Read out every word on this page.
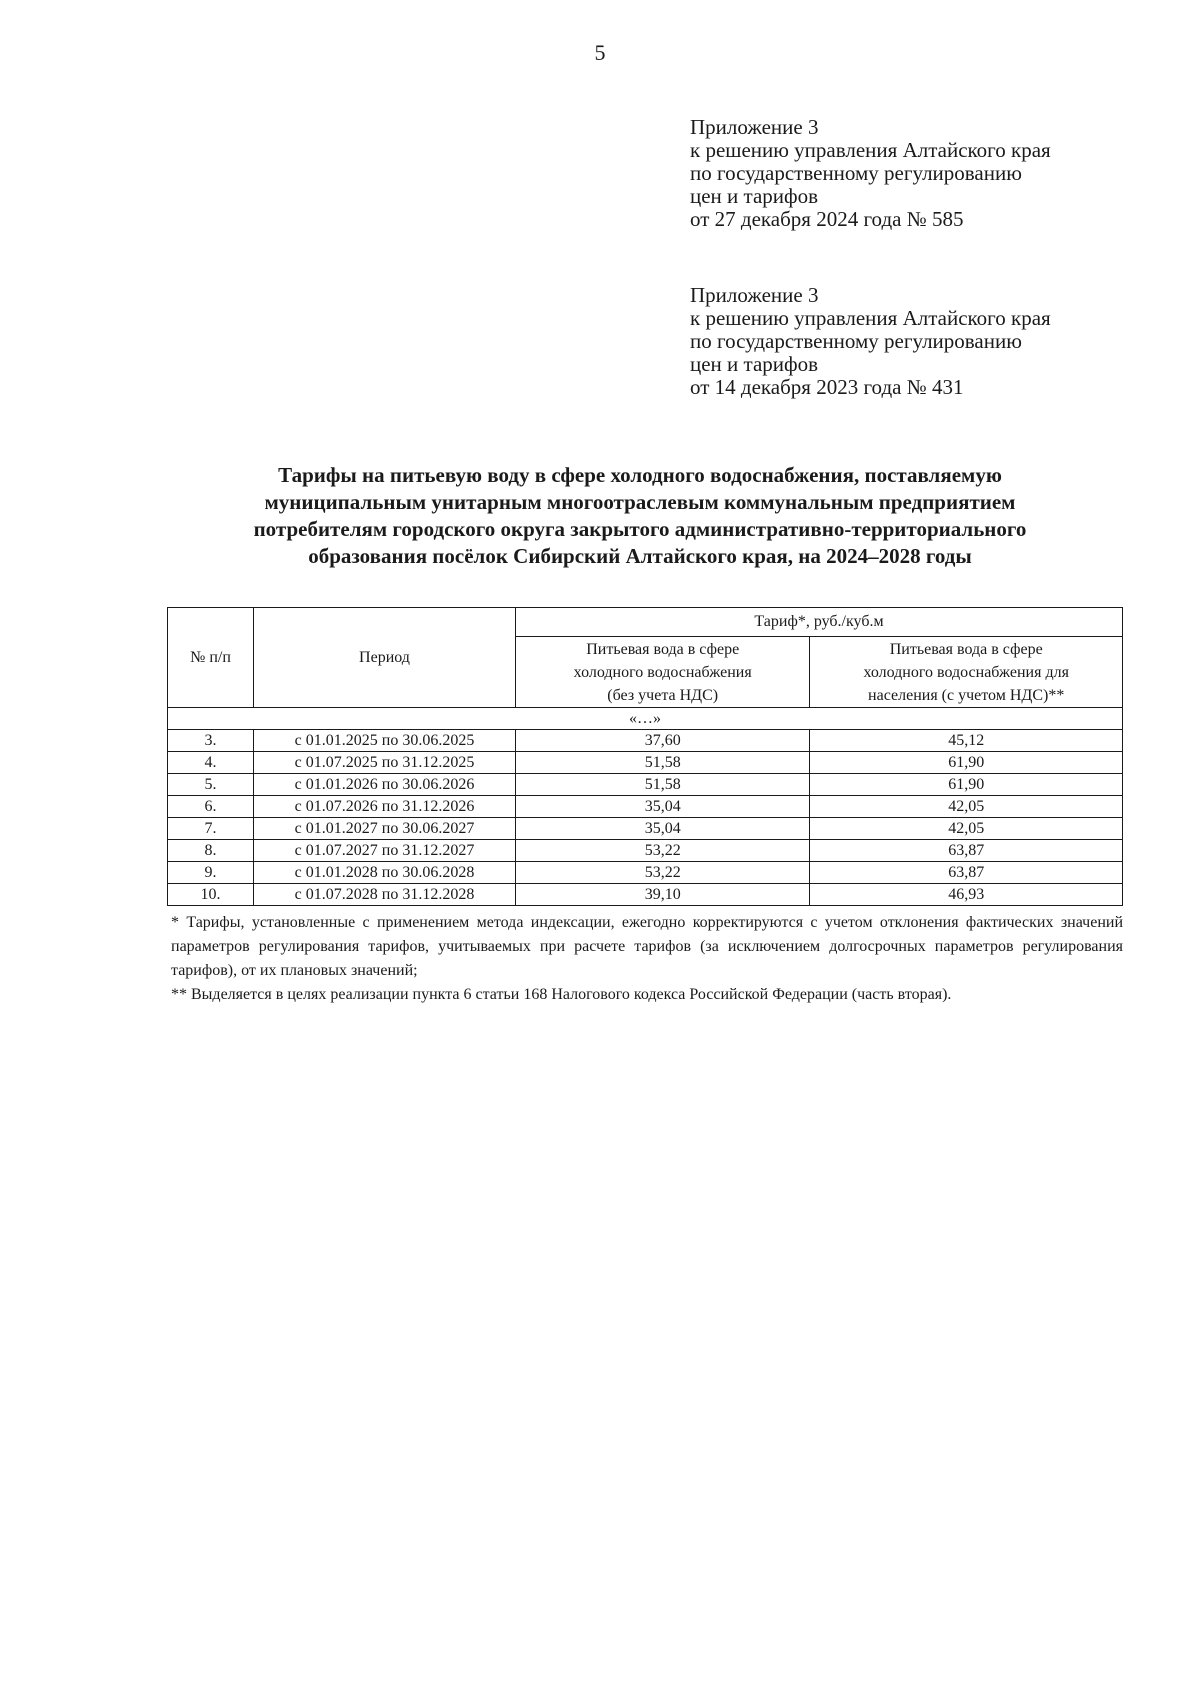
5
Приложение 3
к решению управления Алтайского края
по государственному регулированию
цен и тарифов
от 27 декабря 2024 года № 585
Приложение 3
к решению управления Алтайского края
по государственному регулированию
цен и тарифов
от 14 декабря 2023 года № 431
Тарифы на питьевую воду в сфере холодного водоснабжения, поставляемую
муниципальным унитарным многоотраслевым коммунальным предприятием
потребителям городского округа закрытого административно-территориального
образования посёлок Сибирский Алтайского края, на 2024–2028 годы
№ п/п	Период	Тариф*, руб./куб.м	
		Питьевая вода в сфере
холодного водоснабжения
(без учета НДС)	Питьевая вода в сфере
холодного водоснабжения для
населения (с учетом НДС)**
«…»			
3.	с 01.01.2025 по 30.06.2025	37,60	45,12
4.	с 01.07.2025 по 31.12.2025	51,58	61,90
5.	с 01.01.2026 по 30.06.2026	51,58	61,90
6.	с 01.07.2026 по 31.12.2026	35,04	42,05
7.	с 01.01.2027 по 30.06.2027	35,04	42,05
8.	с 01.07.2027 по 31.12.2027	53,22	63,87
9.	с 01.01.2028 по 30.06.2028	53,22	63,87
10.	с 01.07.2028 по 31.12.2028	39,10	46,93

* Тарифы, установленные с применением метода индексации, ежегодно корректируются с учетом отклонения фактических значений параметров регулирования тарифов, учитываемых при расчете тарифов (за исключением долгосрочных параметров регулирования тарифов), от их плановых значений;

** Выделяется в целях реализации пункта 6 статьи 168 Налогового кодекса Российской Федерации (часть вторая).
